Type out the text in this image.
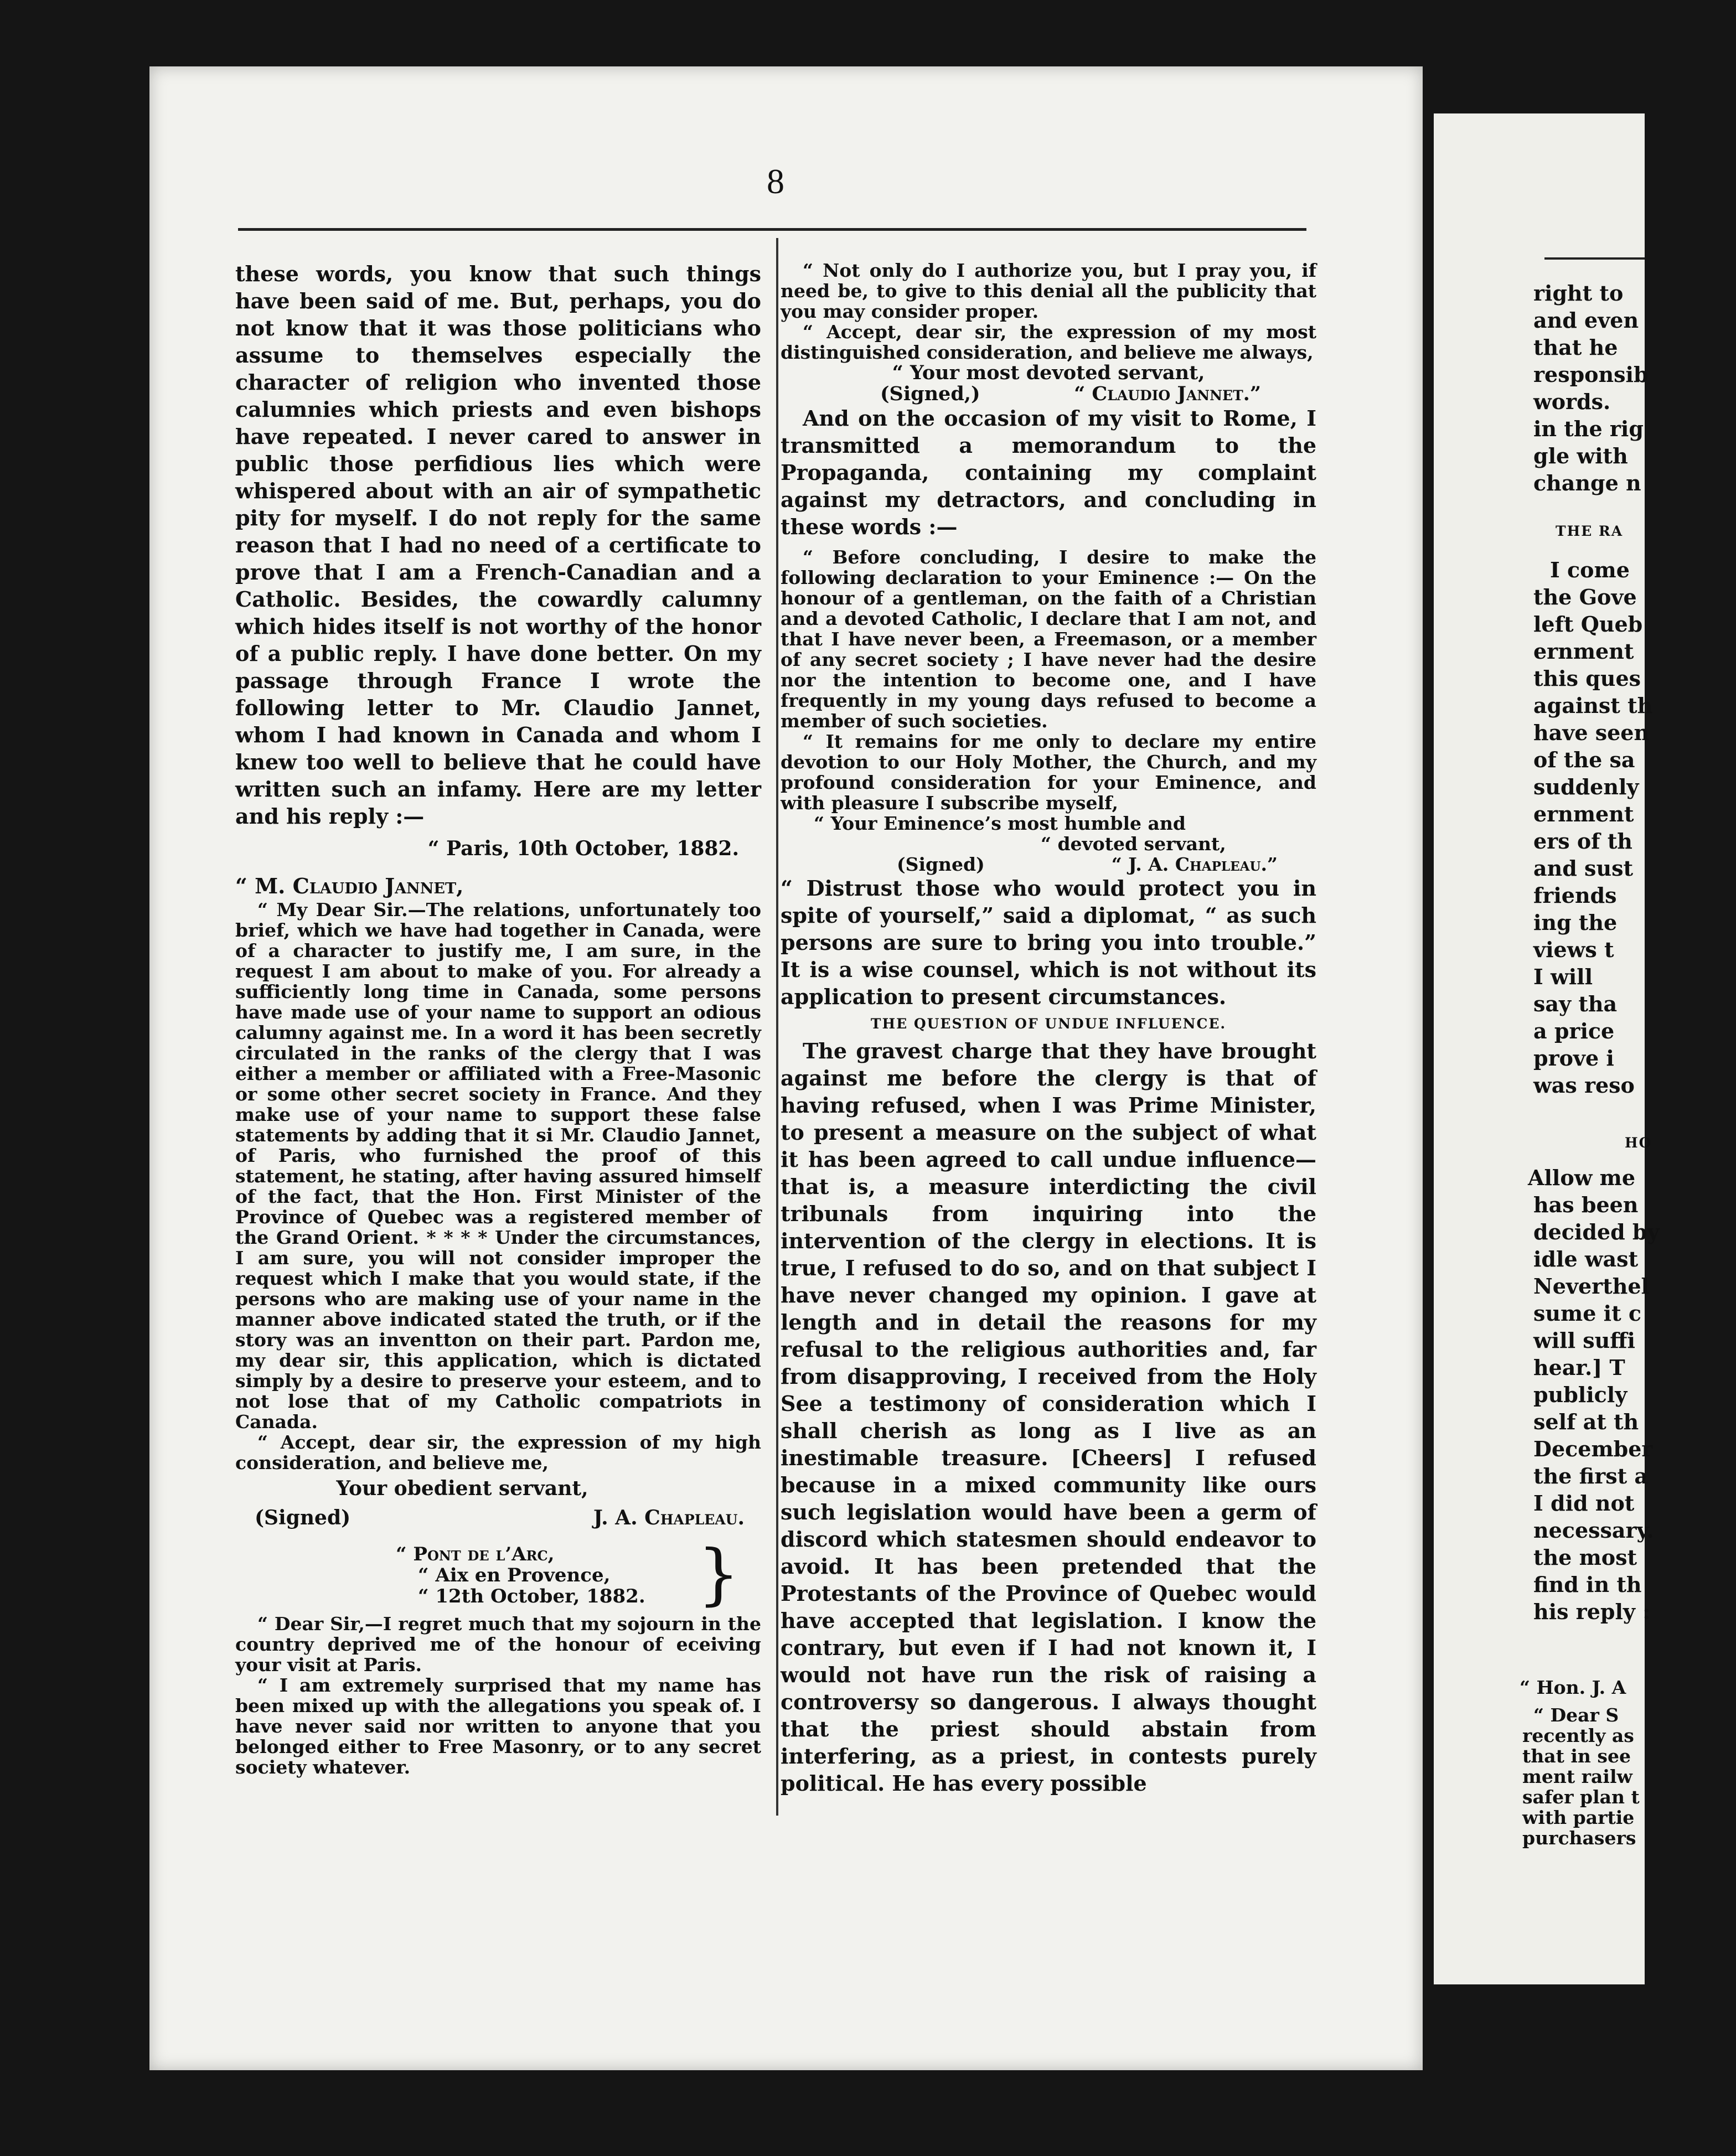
8

these words, you know that such things have been said of me. But, perhaps, you do not know that it was those politicians who assume to themselves especially the character of religion who invented those calumnies which priests and even bishops have repeated. I never cared to answer in public those perfidious lies which were whispered about with an air of sympathetic pity for myself. I do not reply for the same reason that I had no need of a certificate to prove that I am a French-Canadian and a Catholic. Besides, the cowardly calumny which hides itself is not worthy of the honor of a public reply. I have done better. On my passage through France I wrote the following letter to Mr. Claudio Jannet, whom I had known in Canada and whom I knew too well to believe that he could have written such an infamy. Here are my letter and his reply :—

“ Paris, 10th October, 1882.

“ M. Claudio Jannet,

“ My Dear Sir.—The relations, unfortunately too brief, which we have had together in Canada, were of a character to justify me, I am sure, in the request I am about to make of you. For already a sufficiently long time in Canada, some persons have made use of your name to support an odious calumny against me. In a word it has been secretly circulated in the ranks of the clergy that I was either a member or affiliated with a Free-Masonic or some other secret society in France. And they make use of your name to support these false statements by adding that it si Mr. Claudio Jannet, of Paris, who furnished the proof of this statement, he stating, after having assured himself of the fact, that the Hon. First Minister of the Province of Quebec was a registered member of the Grand Orient. * * * * Under the circumstances, I am sure, you will not consider improper the request which I make that you would state, if the persons who are making use of your name in the manner above indicated stated the truth, or if the story was an inventton on their part. Pardon me, my dear sir, this application, which is dictated simply by a desire to preserve your esteem, and to not lose that of my Catholic compatriots in Canada.

“ Accept, dear sir, the expression of my high consideration, and believe me,

Your obedient servant,

(Signed)	J. A. Chapleau.
“ Pont de l’Arc,
“ Aix en Provence,
“ 12th October, 1882. }

“ Dear Sir,—I regret much that my sojourn in the country deprived me of the honour of eceiving your visit at Paris.

“ I am extremely surprised that my name has been mixed up with the allegations you speak of. I have never said nor written to anyone that you belonged either to Free Masonry, or to any secret society whatever.

“ Not only do I authorize you, but I pray you, if need be, to give to this denial all the publicity that you may consider proper.

“ Accept, dear sir, the expression of my most distinguished consideration, and believe me always,

“ Your most devoted servant,

(Signed,)	“ Claudio Jannet.”

And on the occasion of my visit to Rome, I transmitted a memorandum to the Propaganda, containing my complaint against my detractors, and concluding in these words :—

“ Before concluding, I desire to make the following declaration to your Eminence :— On the honour of a gentleman, on the faith of a Christian and a devoted Catholic, I declare that I am not, and that I have never been, a Freemason, or a member of any secret society ; I have never had the desire nor the intention to become one, and I have frequently in my young days refused to become a member of such societies.

“ It remains for me only to declare my entire devotion to our Holy Mother, the Church, and my profound consideration for your Eminence, and with pleasure I subscribe myself,

“ Your Eminence’s most humble and

“ devoted servant,

(Signed)	“ J. A. Chapleau.”

“ Distrust those who would protect you in spite of yourself,” said a diplomat, “ as such persons are sure to bring you into trouble.” It is a wise counsel, which is not without its application to present circumstances.

THE QUESTION OF UNDUE INFLUENCE.

The gravest charge that they have brought against me before the clergy is that of having refused, when I was Prime Minister, to present a measure on the subject of what it has been agreed to call undue influence—that is, a measure interdicting the civil tribunals from inquiring into the intervention of the clergy in elections. It is true, I refused to do so, and on that subject I have never changed my opinion. I gave at length and in detail the reasons for my refusal to the religious authorities and, far from disapproving, I received from the Holy See a testimony of consideration which I shall cherish as long as I live as an inestimable treasure. [Cheers] I refused because in a mixed community like ours such legislation would have been a germ of discord which statesmen should endeavor to avoid. It has been pretended that the Protestants of the Province of Quebec would have accepted that legislation. I know the contrary, but even if I had not known it, I would not have run the risk of raising a controversy so dangerous. I always thought that the priest should abstain from interfering, as a priest, in contests purely political. He has every possible

right to
and even
that he
responsib
words.
in the rig
gle with
change n
THE RA
I come
the Gove
left Queb
ernment
this ques
against th
have seen
of the sa
suddenly
ernment
ers of th
and sust
friends
ing the
views t
I will
say tha
a price
prove i
was reso
HO
Allow me
has been
decided by
idle wast
Neverthel
sume it c
will suffi
hear.] T
publicly
self at th
December
the first a
I did not
necessary.
the most
find in th
his reply :
“ Hon. J. A
“ Dear S
recently as
that in see
ment railw
safer plan t
with partie
purchasers
